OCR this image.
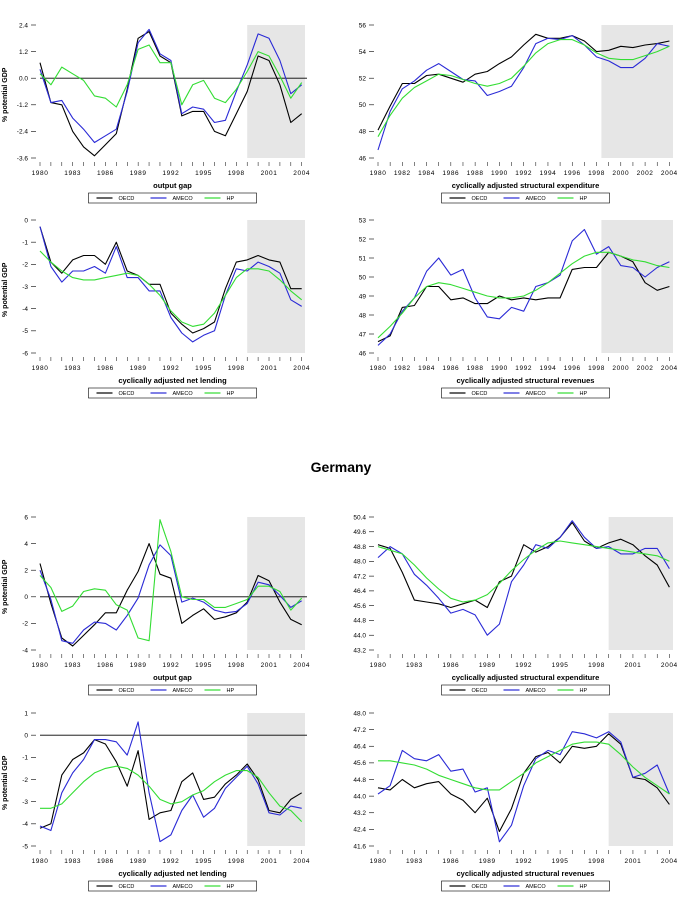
-3.6
-2.4
-1.2
0.0
1.2
2.4
1980 1983 1986 1989 1992 1995 1998 2001 2004
output gap
OECD	AMECO	HP
% potential GDP
46
48
50
52
54
56
1980 1982 1984 1986 1988 1990 1992 1994 1996 1998 2000 2002 2004
cyclically adjusted structural expenditure
OECD	AMECO	HP
-6
-5
-4
-3
-2
-1
0
1980 1983 1986 1989 1992 1995 1998 2001 2004
cyclically adjusted net lending
OECD	AMECO	HP
% potential GDP
46
47
48
49
50
51
52
53
1980 1982 1984 1986 1988 1990 1992 1994 1996 1998 2000 2002 2004
cyclically adjusted structural revenues
OECD	AMECO	HP
-4
-2
0
2
4
6
1980 1983 1986 1989 1992 1995 1998 2001 2004
output gap
OECD	AMECO	HP
% potential GDP
43.2
44.0
44.8
45.6
46.4
47.2
48.0
48.8
49.6
50.4
1980	1983	1986	1989	1992	1995	1998	2001	2004
cyclically adjusted structural expenditure
OECD	AMECO	HP
-5
-4
-3
-2
-1
0
1
1980 1983 1986 1989 1992 1995 1998 2001 2004
cyclically adjusted net lending
OECD	AMECO	HP
% potential GDP
41.6
42.4
43.2
44.0
44.8
45.6
46.4
47.2
48.0
1980	1983	1986	1989	1992	1995	1998	2001	2004
cyclically adjusted structural revenues
OECD	AMECO	HP
Germany
